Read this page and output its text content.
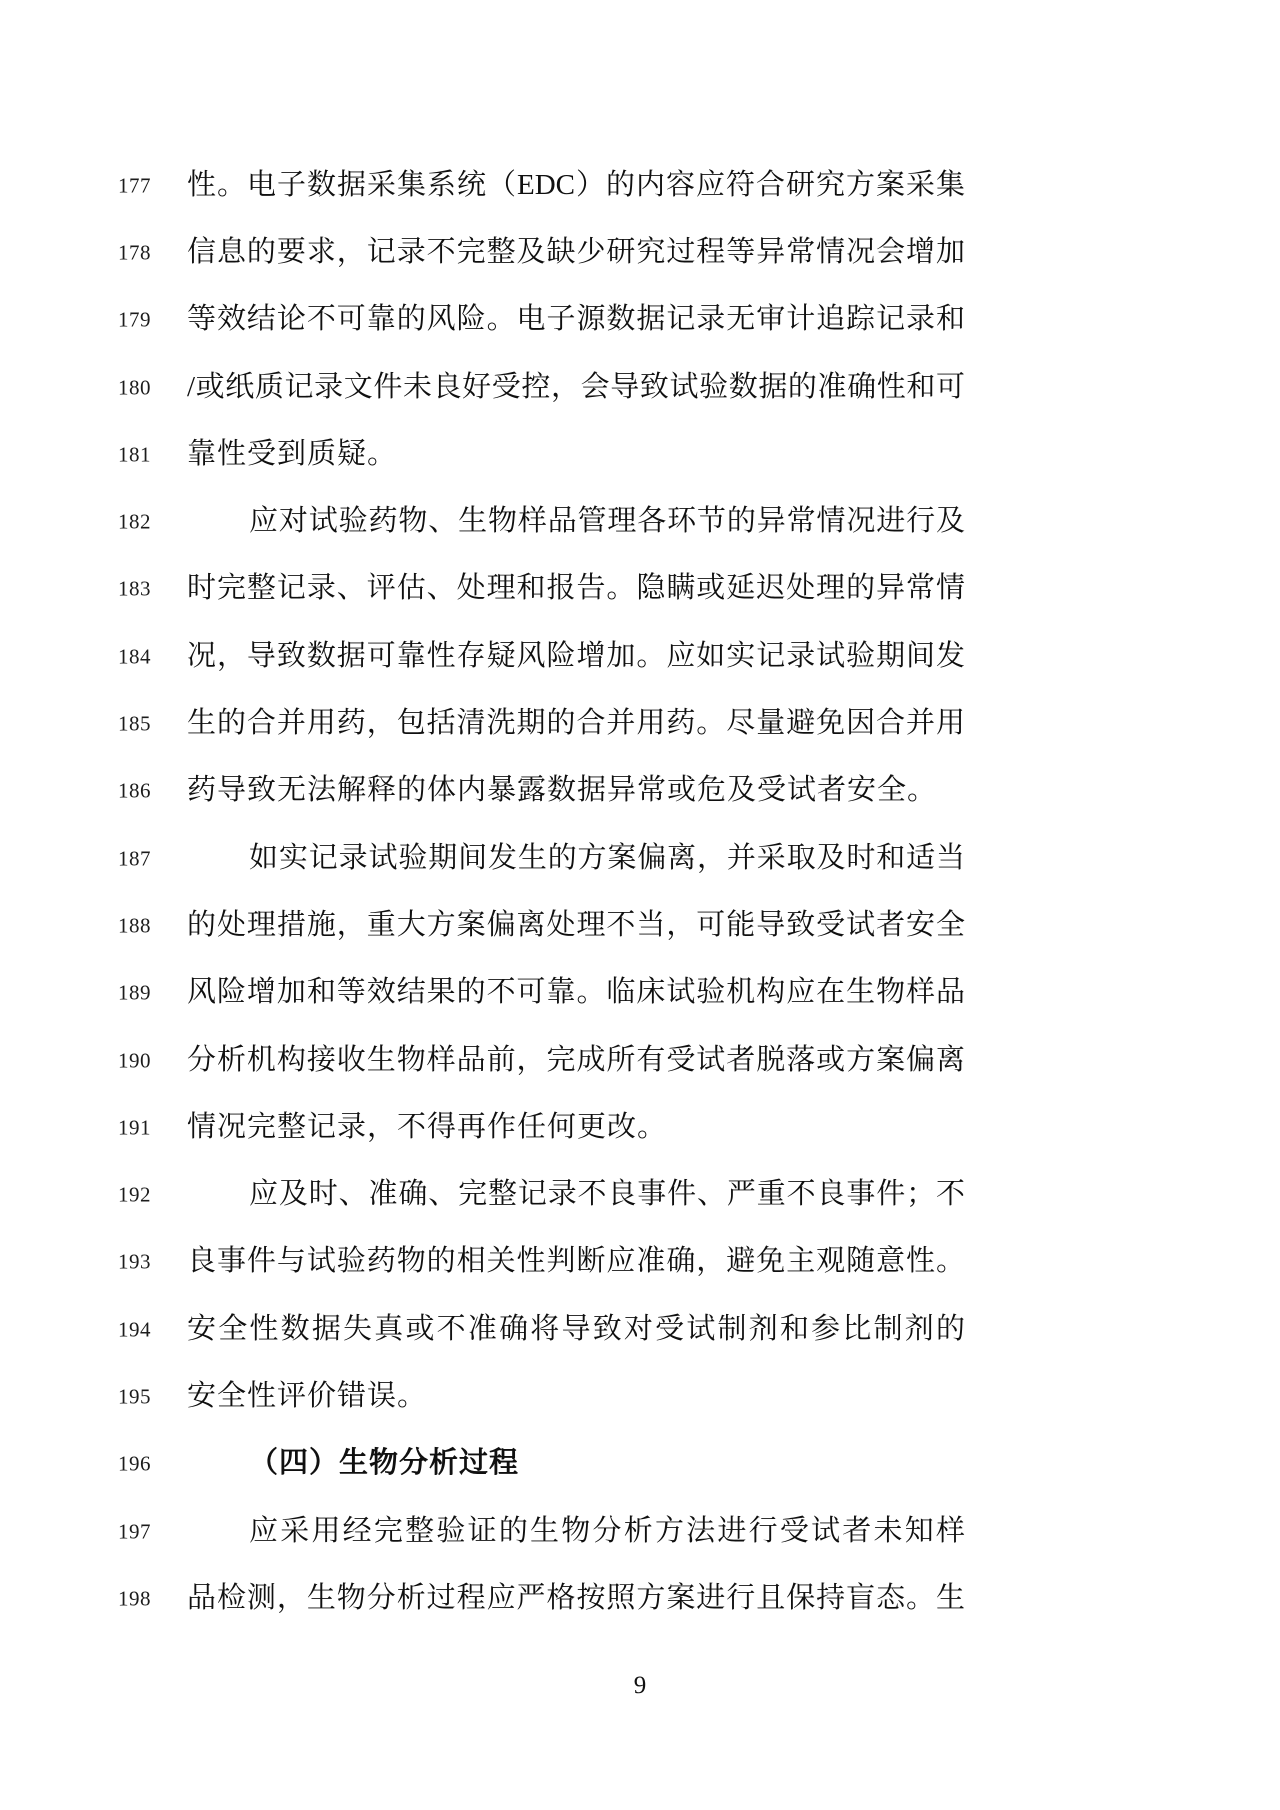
177 性。电子数据采集系统（EDC）的内容应符合研究方案采集
178 信息的要求，记录不完整及缺少研究过程等异常情况会增加
179 等效结论不可靠的风险。电子源数据记录无审计追踪记录和
180 /或纸质记录文件未良好受控，会导致试验数据的准确性和可
181 靠性受到质疑。
182	应对试验药物、生物样品管理各环节的异常情况进行及
183 时完整记录、评估、处理和报告。隐瞒或延迟处理的异常情
184 况，导致数据可靠性存疑风险增加。应如实记录试验期间发
185 生的合并用药，包括清洗期的合并用药。尽量避免因合并用
186 药导致无法解释的体内暴露数据异常或危及受试者安全。
187	如实记录试验期间发生的方案偏离，并采取及时和适当
188 的处理措施，重大方案偏离处理不当，可能导致受试者安全
189 风险增加和等效结果的不可靠。临床试验机构应在生物样品
190 分析机构接收生物样品前，完成所有受试者脱落或方案偏离
191 情况完整记录，不得再作任何更改。
192	应及时、准确、完整记录不良事件、严重不良事件；不
193 良事件与试验药物的相关性判断应准确，避免主观随意性。
194 安全性数据失真或不准确将导致对受试制剂和参比制剂的
195 安全性评价错误。
196	（四）生物分析过程
197	应采用经完整验证的生物分析方法进行受试者未知样
198 品检测，生物分析过程应严格按照方案进行且保持盲态。生
9
